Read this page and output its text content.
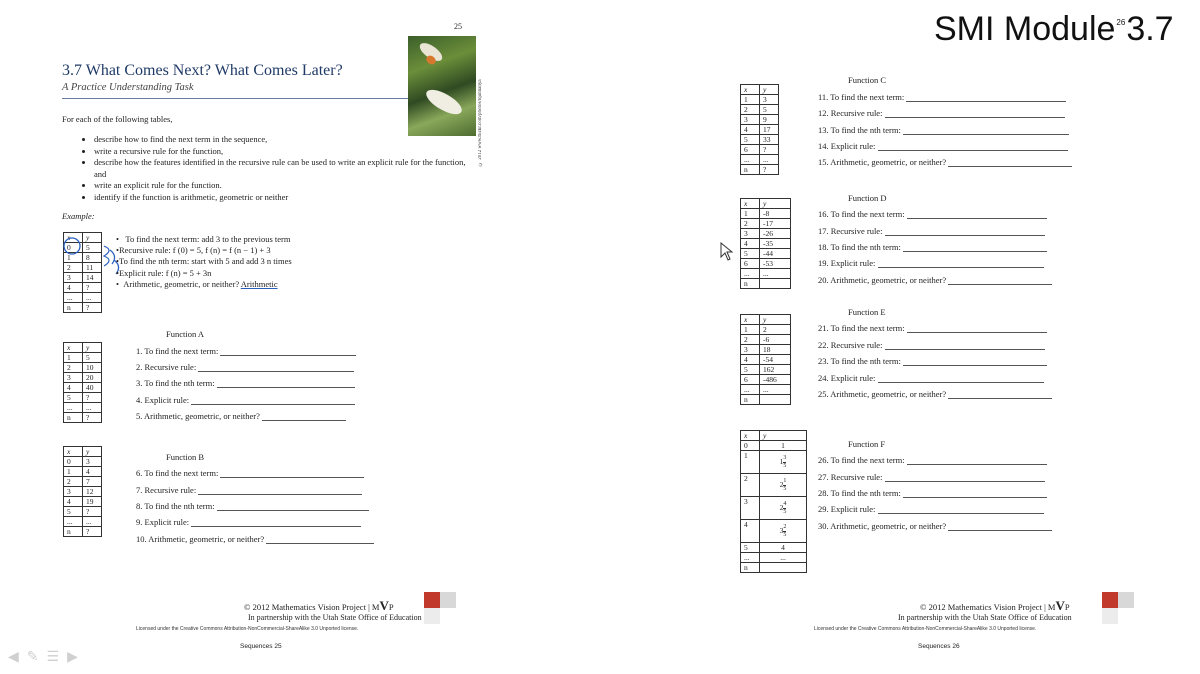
SMI Module$^{26}$3.7
25
3.7 What Comes Next? What Comes Later?
A Practice Understanding Task	© 2012 www.flickr.com/photos/lqunnanya
For each of the following tables,
• describe how to find the next term in the sequence,
• write a recursive rule for the function,
• describe how the features identified in the recursive rule can be used to write an explicit rule for the function, and
• write an explicit rule for the function.
• identify if the function is arithmetic, geometric or neither
Example:
x	y
0	5
1	8
2	11
3	14
4	?
...	...
n	?
•   To find the next term: add 3 to the previous term
•Recursive rule: f (0) = 5, f (n) = f (n − 1) + 3
•To find the nth term: start with 5 and add 3 n times
•Explicit rule: f (n) = 5 + 3n
•  Arithmetic, geometric, or neither? Arithmetic
Function A
x	y
1	5
2	10
3	20
4	40
5	?
...	...
n	?
1. To find the next term:
2. Recursive rule:
3. To find the nth term:
4. Explicit rule:
5. Arithmetic, geometric, or neither?
Function B
x	y
0	3
1	4
2	7
3	12
4	19
5	?
...	...
n	?
6. To find the next term:
7. Recursive rule:
8. To find the nth term:
9. Explicit rule:
10. Arithmetic, geometric, or neither?
© 2012 Mathematics Vision Project | MVP
In partnership with the Utah State Office of Education
Licensed under the Creative Commons Attribution-NonCommercial-ShareAlike 3.0 Unported license.
Sequences 25
Function C
x	y
1	3
2	5
3	9
4	17
5	33
6	?
...	...
n	?
11. To find the next term:
12. Recursive rule:
13. To find the nth term:
14. Explicit rule:
15. Arithmetic, geometric, or neither?
Function D
x	y
1	-8
2	-17
3	-26
4	-35
5	-44
6	-53
...	...
n	
16. To find the next term:
17. Recursive rule:
18. To find the nth term:
19. Explicit rule:
20. Arithmetic, geometric, or neither?
Function E
x	y
1	2
2	-6
3	18
4	-54
5	162
6	-486
...	...
n	
21. To find the next term:
22. Recursive rule:
23. To find the nth term:
24. Explicit rule:
25. Arithmetic, geometric, or neither?
Function F
x	y
0	1
1	$1 \frac{3}{5}$

2	$2 \frac{1}{5}$

3	$2 \frac{4}{5}$

4	$3 \frac{2}{5}$

5	4
...	...
n	
26. To find the next term:
27. Recursive rule:
28. To find the nth term:
29. Explicit rule:
30. Arithmetic, geometric, or neither?
© 2012 Mathematics Vision Project | MVP
In partnership with the Utah State Office of Education
Licensed under the Creative Commons Attribution-NonCommercial-ShareAlike 3.0 Unported license.
Sequences 26
◀✎☰▶
